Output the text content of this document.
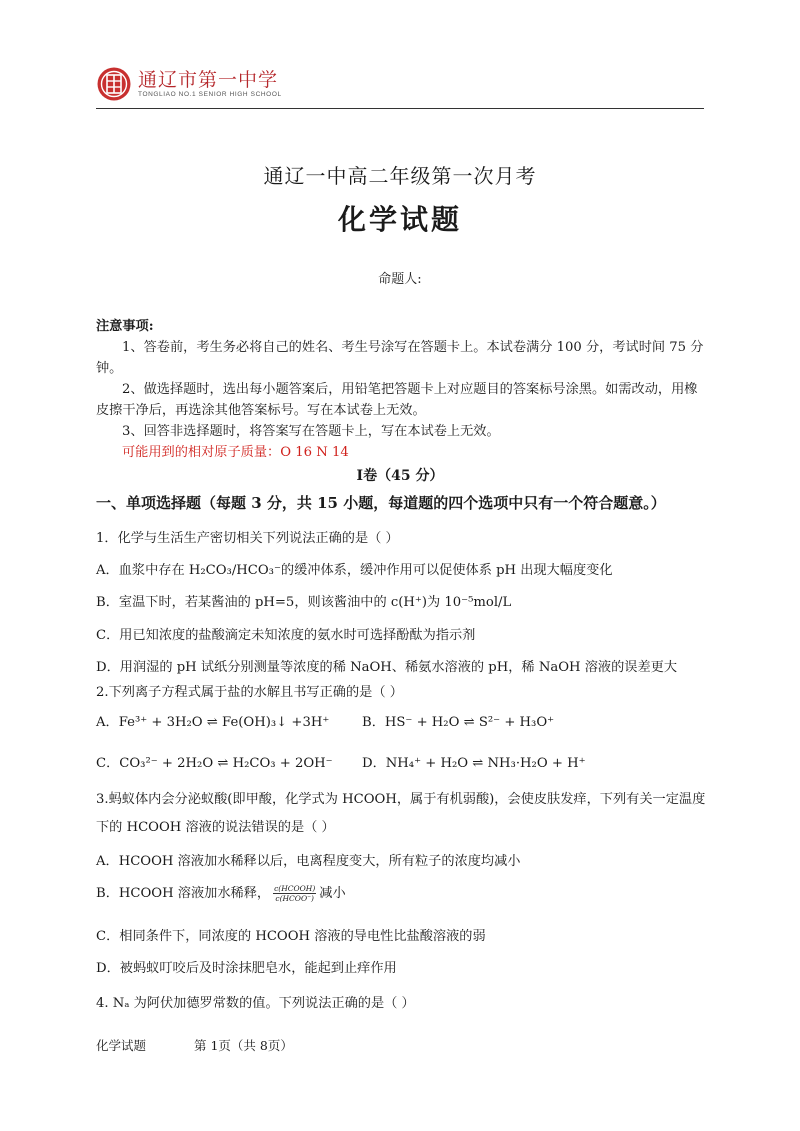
通辽市第一中学
TONGLIAO NO.1 SENIOR HIGH SCHOOL
通辽一中高二年级第一次月考
化学试题
命题人:
注意事项:

1、答卷前，考生务必将自己的姓名、考生号涂写在答题卡上。本试卷满分 100 分，考试时间 75 分钟。

2、做选择题时，选出每小题答案后，用铅笔把答题卡上对应题目的答案标号涂黑。如需改动，用橡皮擦干净后，再选涂其他答案标号。写在本试卷上无效。

3、回答非选择题时，将答案写在答题卡上，写在本试卷上无效。

可能用到的相对原子质量：O 16 N 14

I卷（45 分）
一、单项选择题（每题 3 分，共 15 小题，每道题的四个选项中只有一个符合题意。）
1．化学与生活生产密切相关下列说法正确的是（ ）
A．血浆中存在 H₂CO₃/HCO₃⁻的缓冲体系，缓冲作用可以促使体系 pH 出现大幅度变化
B．室温下时，若某酱油的 pH=5，则该酱油中的 c(H⁺)为 10⁻⁵mol/L
C．用已知浓度的盐酸滴定未知浓度的氨水时可选择酚酞为指示剂
D．用润湿的 pH 试纸分别测量等浓度的稀 NaOH、稀氨水溶液的 pH，稀 NaOH 溶液的误差更大
2.下列离子方程式属于盐的水解且书写正确的是（ ）
A．Fe³⁺ + 3H₂O ⇌ Fe(OH)₃↓ +3H⁺ B．HS⁻ + H₂O ⇌ S²⁻ + H₃O⁺
C．CO₃²⁻ + 2H₂O ⇌ H₂CO₃ + 2OH⁻ D．NH₄⁺ + H₂O ⇌ NH₃·H₂O + H⁺

3.蚂蚁体内会分泌蚁酸(即甲酸，化学式为 HCOOH，属于有机弱酸)，会使皮肤发痒，下列有关一定温度下的 HCOOH 溶液的说法错误的是（ ）

A．HCOOH 溶液加水稀释以后，电离程度变大，所有粒子的浓度均减小
B．HCOOH 溶液加水稀释， $\frac{\text{c(HCOOH)}}{\text{c(HCOO⁻)}}$ 减小
C．相同条件下，同浓度的 HCOOH 溶液的导电性比盐酸溶液的弱
D．被蚂蚁叮咬后及时涂抹肥皂水，能起到止痒作用
4. Nₐ 为阿伏加德罗常数的值。下列说法正确的是（ ）
化学试题	第 1页（共 8页）
